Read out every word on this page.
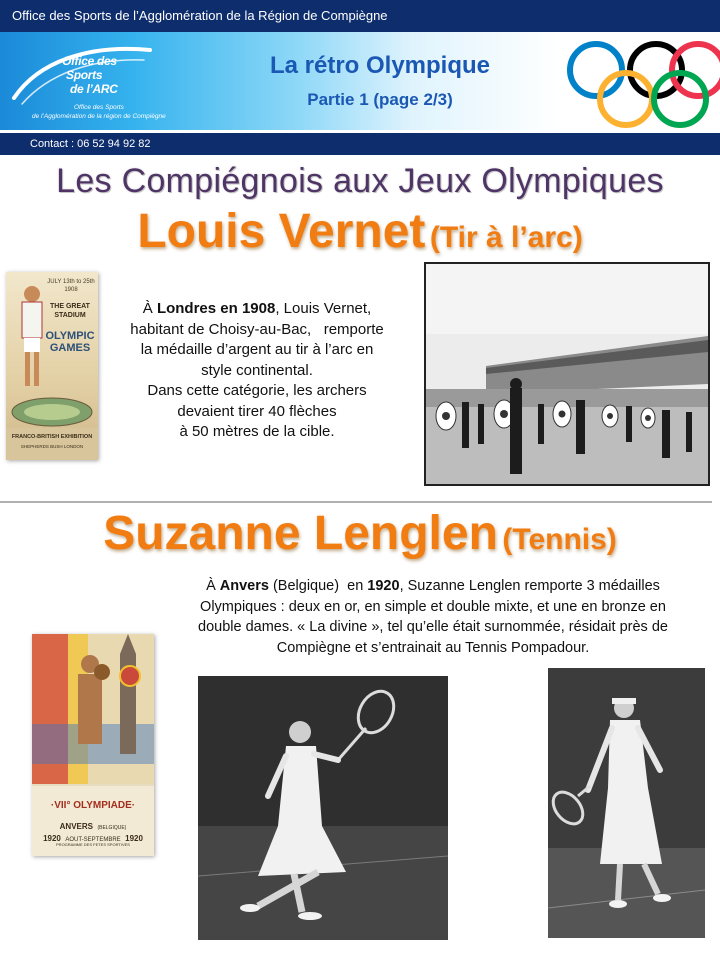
Office des Sports de l’Agglomération de la Région de Compiègne
Office des
Sports
de l’ARC
Office des Sports
de l’Agglomération de la région de Compiègne
La rétro Olympique
Partie 1 (page 2/3)
Contact : 06 52 94 92 82
Les Compiégnois aux Jeux Olympiques
Louis Vernet (Tir à l’arc)
JULY 13th to 25th 1908
THE GREAT STADIUM
OLYMPIC GAMES
FRANCO-BRITISH EXHIBITION
SHEPHERDS BUSH LONDON
À Londres en 1908, Louis Vernet,
habitant de Choisy-au-Bac,   remporte
la médaille d’argent au tir à l’arc en
style continental.
Dans cette catégorie, les archers
devaient tirer 40 flèches
à 50 mètres de la cible.
Suzanne Lenglen (Tennis)
À Anvers (Belgique)  en 1920, Suzanne Lenglen remporte 3 médailles
Olympiques : deux en or, en simple et double mixte, et une en bronze en
double dames. « La divine », tel qu’elle était surnommée, résidait près de
Compiègne et s’entrainait au Tennis Pompadour.
·VII° OLYMPIADE·
ANVERS (BELGIQUE)
1920 AOUT-SEPTEMBRE 1920
PROGRAMME DES FETES SPORTIVES
